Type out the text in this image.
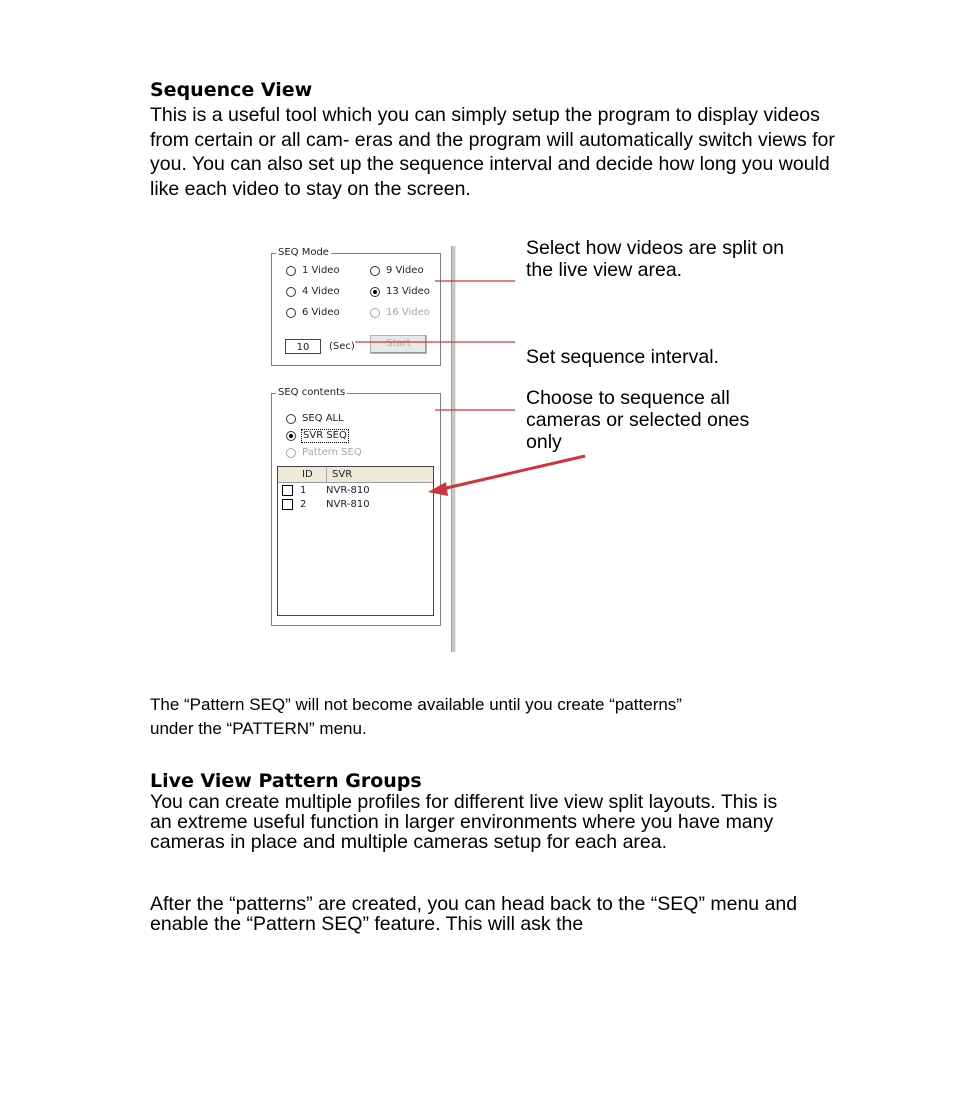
Sequence View
This is a useful tool which you can simply setup the program to display videos from certain or all cam- eras and the program will automatically switch views for you. You can also set up the sequence interval and decide how long you would like each video to stay on the screen.
SEQ Mode
1 Video	9 Video
4 Video	13 Video
6 Video	16 Video
10	(Sec)	Start
SEQ contents
SEQ ALL
SVR SEQ
Pattern SEQ
ID SVR
1 NVR-810
2 NVR-810
Select how videos are split on the live view area.
Set sequence interval.
Choose to sequence all cameras or selected ones only
The “Pattern SEQ” will not become available until you create “patterns”
under the “PATTERN” menu.
Live View Pattern Groups
You can create multiple profiles for different live view split layouts. This is an extreme useful function in larger environments where you have many cameras in place and multiple cameras setup for each area.
After the “patterns” are created, you can head back to the “SEQ” menu and enable the “Pattern SEQ” feature. This will ask the
